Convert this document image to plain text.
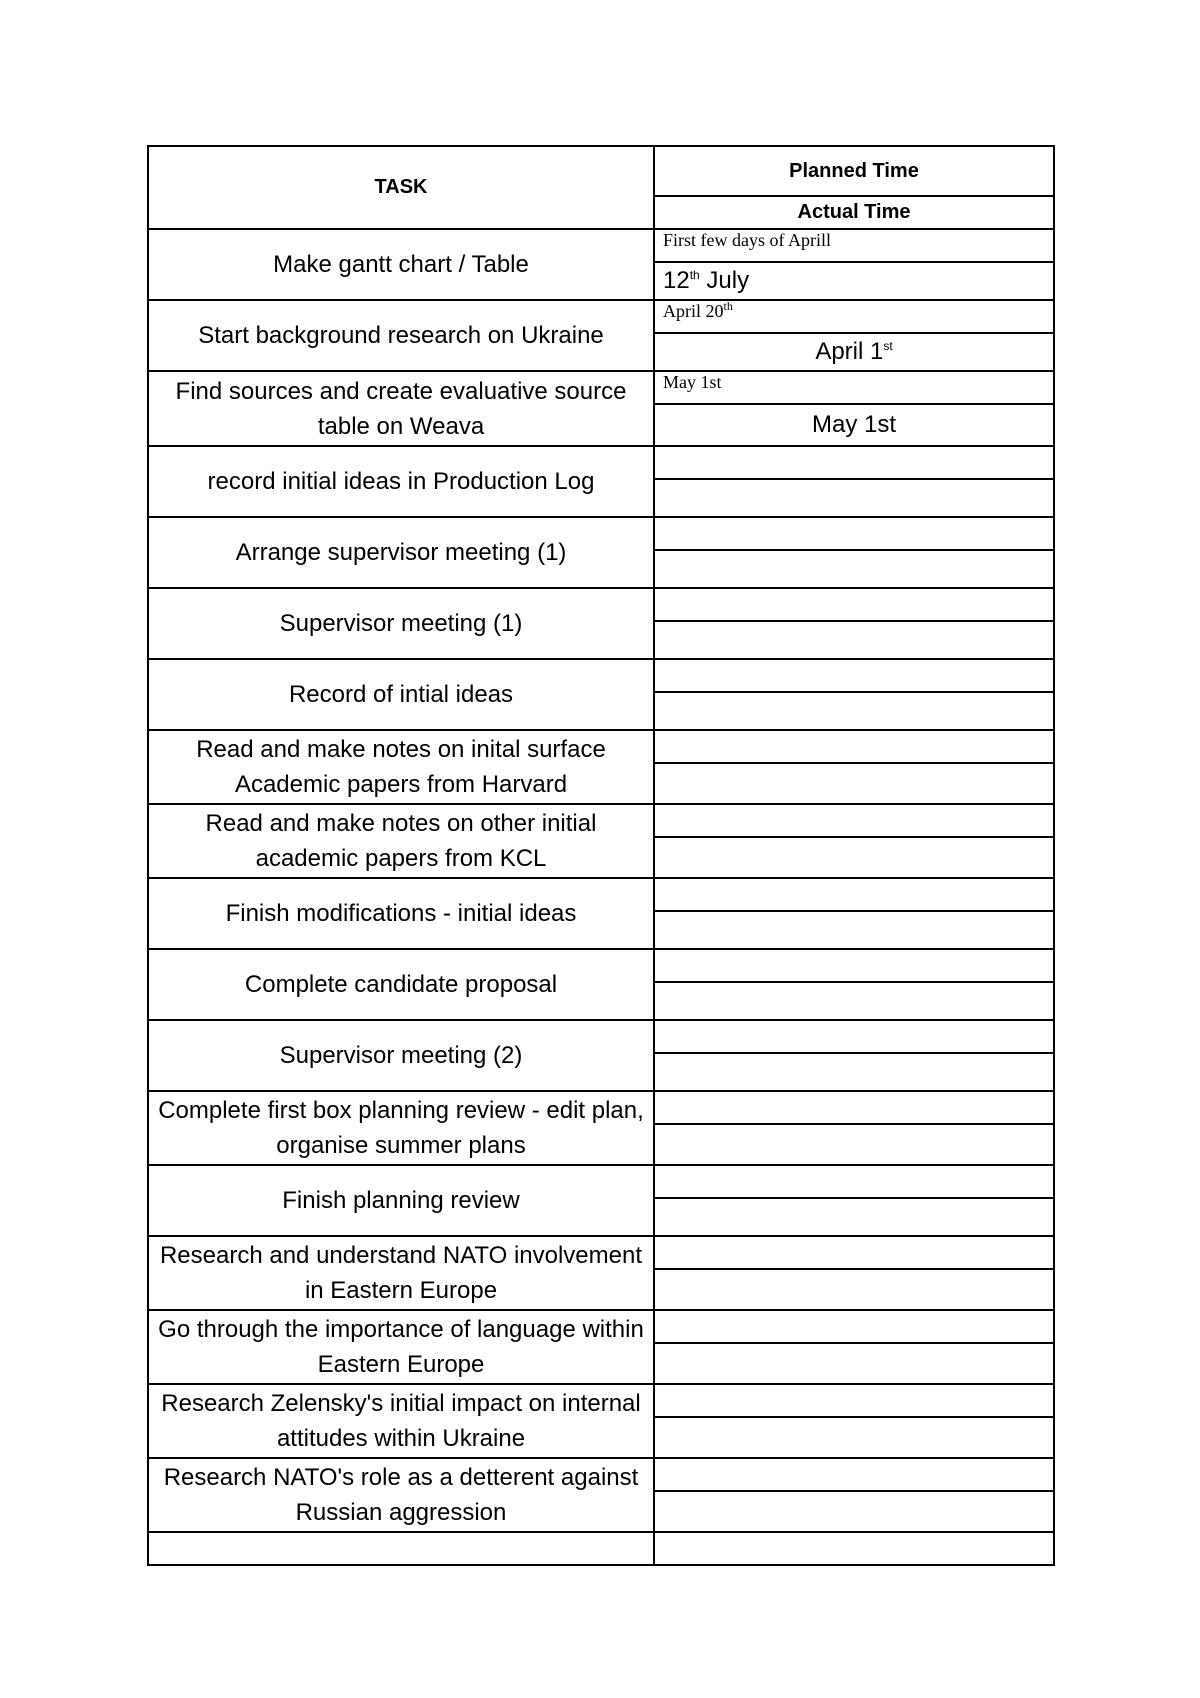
TASK	Planned Time
	Actual Time
Make gantt chart / Table	First few days of Aprill
	12th July
Start background research on Ukraine	April 20th
	April 1st
Find sources and create evaluative source table on Weava	May 1st
	May 1st
record initial ideas in Production Log	

Arrange supervisor meeting (1)	

Supervisor meeting (1)	

Record of intial ideas	

Read and make notes on inital surface Academic papers from Harvard	

Read and make notes on other initial academic papers from KCL	

Finish modifications - initial ideas	

Complete candidate proposal	

Supervisor meeting (2)	

Complete first box planning review - edit plan, organise summer plans	

Finish planning review	

Research and understand NATO involvement in Eastern Europe	

Go through the importance of language within Eastern Europe	

Research Zelensky's initial impact on internal attitudes within Ukraine	

Research NATO's role as a detterent against Russian aggression	
